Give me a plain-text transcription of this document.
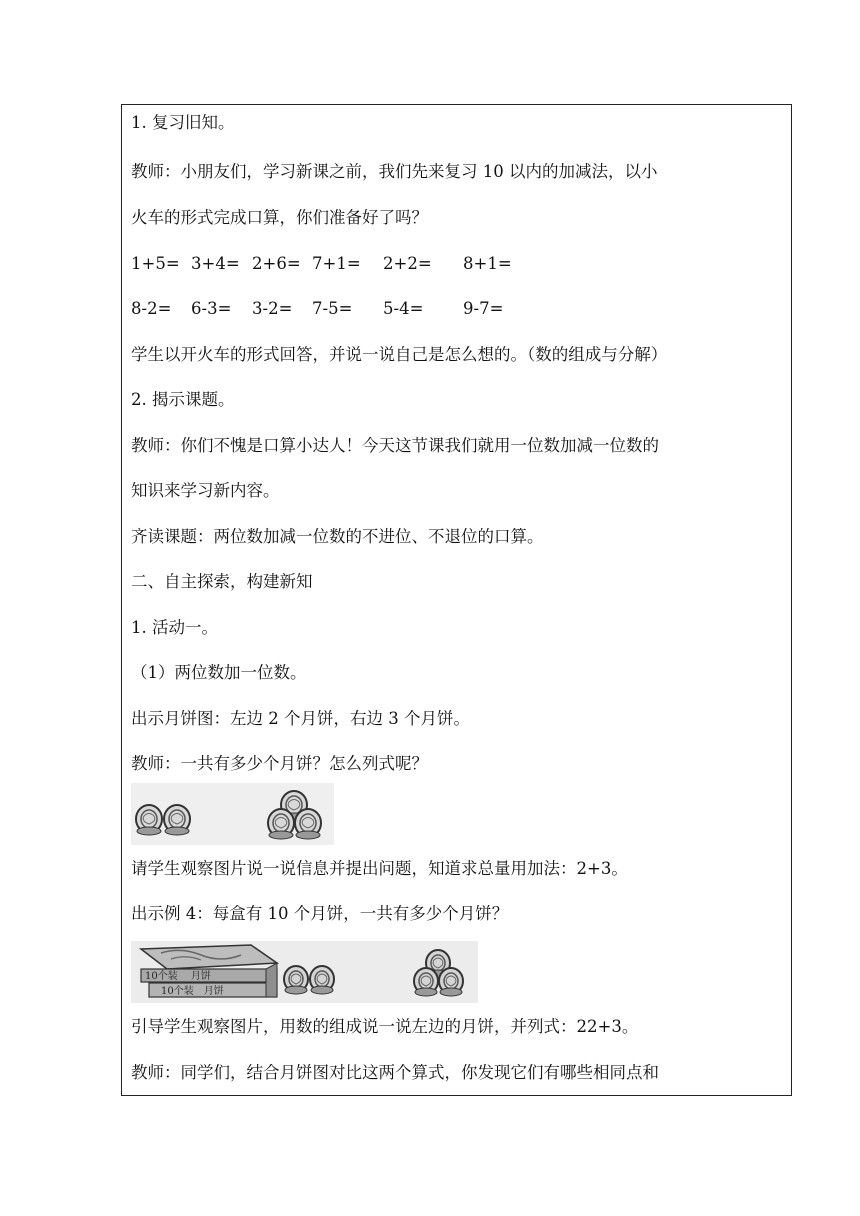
1. 复习旧知。
教师：小朋友们，学习新课之前，我们先来复习 10 以内的加减法，以小
火车的形式完成口算，你们准备好了吗？
1+5= 3+4= 2+6= 7+1= 2+2= 8+1=
8-2= 6-3= 3-2= 7-5= 5-4= 9-7=
学生以开火车的形式回答，并说一说自己是怎么想的。（数的组成与分解）
2. 揭示课题。
教师：你们不愧是口算小达人！今天这节课我们就用一位数加减一位数的
知识来学习新内容。
齐读课题：两位数加减一位数的不进位、不退位的口算。
二、自主探索，构建新知
1. 活动一。
（1）两位数加一位数。
出示月饼图：左边 2 个月饼，右边 3 个月饼。
教师：一共有多少个月饼？怎么列式呢？
请学生观察图片说一说信息并提出问题，知道求总量用加法：2+3。
出示例 4：每盒有 10 个月饼，一共有多少个月饼？
10个装　 月饼
10个装　月饼
引导学生观察图片，用数的组成说一说左边的月饼，并列式：22+3。
教师：同学们，结合月饼图对比这两个算式，你发现它们有哪些相同点和
